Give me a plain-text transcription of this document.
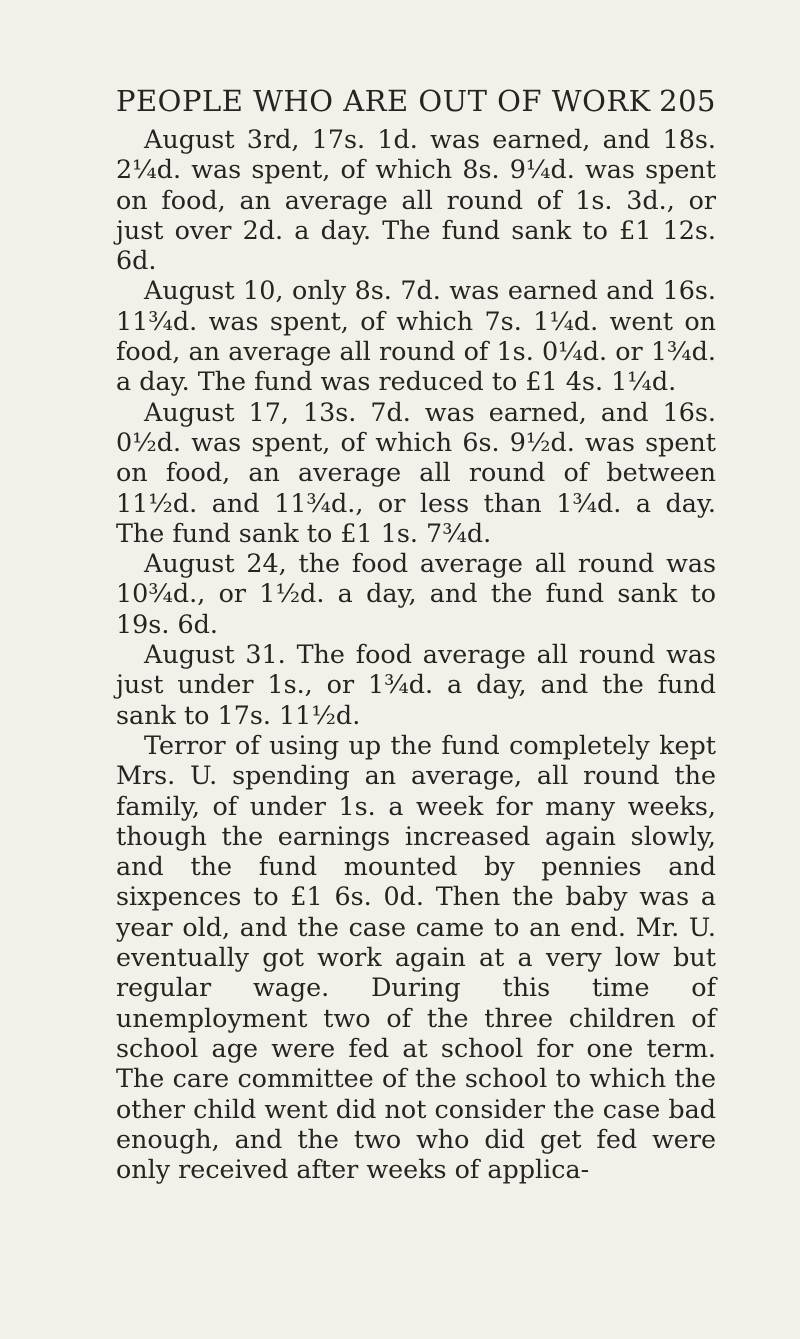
PEOPLE WHO ARE OUT OF WORK 205

August 3rd, 17s. 1d. was earned, and 18s. 2¼d. was spent, of which 8s. 9¼d. was spent on food, an average all round of 1s. 3d., or just over 2d. a day. The fund sank to £1 12s. 6d.

August 10, only 8s. 7d. was earned and 16s. 11¾d. was spent, of which 7s. 1¼d. went on food, an average all round of 1s. 0¼d. or 1¾d. a day. The fund was reduced to £1 4s. 1¼d.

August 17, 13s. 7d. was earned, and 16s. 0½d. was spent, of which 6s. 9½d. was spent on food, an average all round of between 11½d. and 11¾d., or less than 1¾d. a day. The fund sank to £1 1s. 7¾d.

August 24, the food average all round was 10¾d., or 1½d. a day, and the fund sank to 19s. 6d.

August 31. The food average all round was just under 1s., or 1¾d. a day, and the fund sank to 17s. 11½d.

Terror of using up the fund completely kept Mrs. U. spending an average, all round the family, of under 1s. a week for many weeks, though the earnings increased again slowly, and the fund mounted by pennies and sixpences to £1 6s. 0d. Then the baby was a year old, and the case came to an end. Mr. U. eventually got work again at a very low but regular wage. During this time of unemployment two of the three children of school age were fed at school for one term. The care committee of the school to which the other child went did not consider the case bad enough, and the two who did get fed were only received after weeks of applica-
